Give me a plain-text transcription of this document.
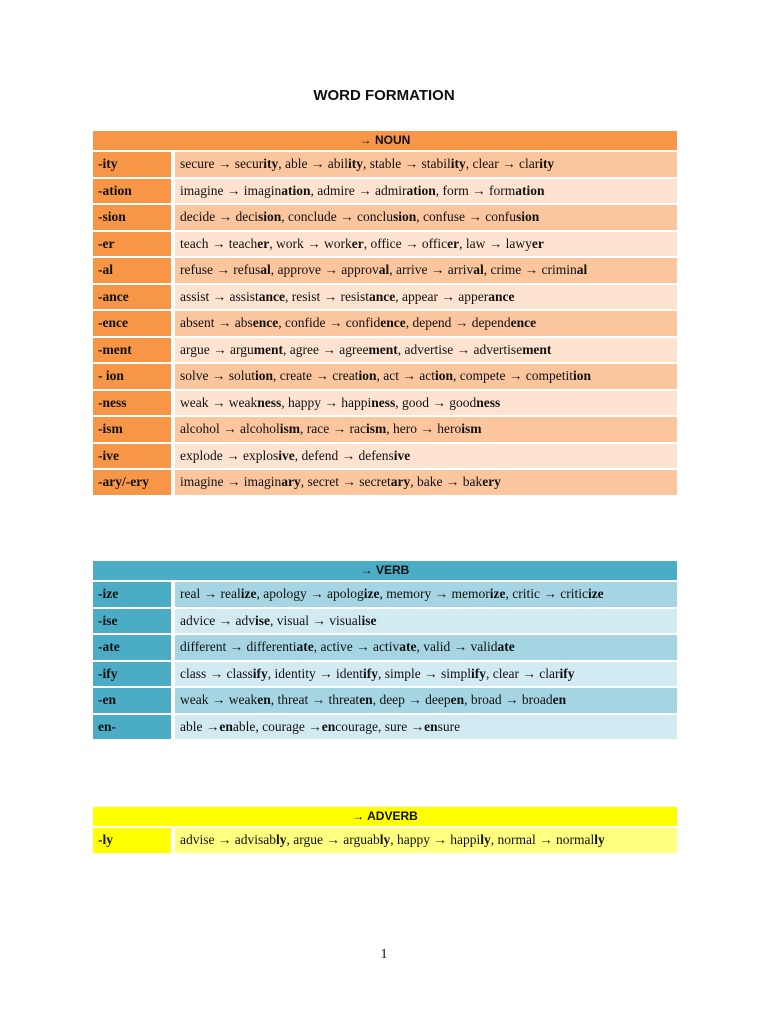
WORD FORMATION
→ NOUN
-ity	secure → secur ity , able → abil ity , stable → stabil ity , clear → clar ity
-ation	imagine → imagin ation , admire → admir ation , form → form ation
-sion	decide → deci sion , conclude → conclu sion , confuse → confu sion
-er	teach → teach er , work → work er , office → offic er , law → lawy er
-al	refuse → refus al , approve → approv al , arrive → arriv al , crime → crimin al
-ance	assist → assist ance , resist → resist ance , appear → apper ance
-ence	absent → abs ence , confide → confid ence , depend → depend ence
-ment	argue → argu ment , agree → agree ment , advertise → advertise ment
- ion	solve → solut ion , create → creat ion , act → act ion , compete → competit ion
-ness	weak → weak ness , happy → happi ness , good → good ness
-ism	alcohol → alcohol ism , race → rac ism , hero → hero ism
-ive	explode → explos ive , defend → defens ive
-ary/-ery	imagine → imagin ary , secret → secret ary , bake → bak ery
→ VERB
-ize	real → real ize , apology → apolog ize , memory → memor ize , critic → critic ize
-ise	advice → adv ise , visual → visual ise
-ate	different → differenti ate , active → activ ate , valid → valid ate
-ify	class → class ify , identity → ident ify , simple → simpl ify , clear → clar ify
-en	weak → weak en , threat → threat en , deep → deep en , broad → broad en
en-	able → en able, courage → en courage, sure → en sure
→ ADVERB
-ly	advise → advisab ly , argue → arguab ly , happy → happi ly , normal → normal ly
1
